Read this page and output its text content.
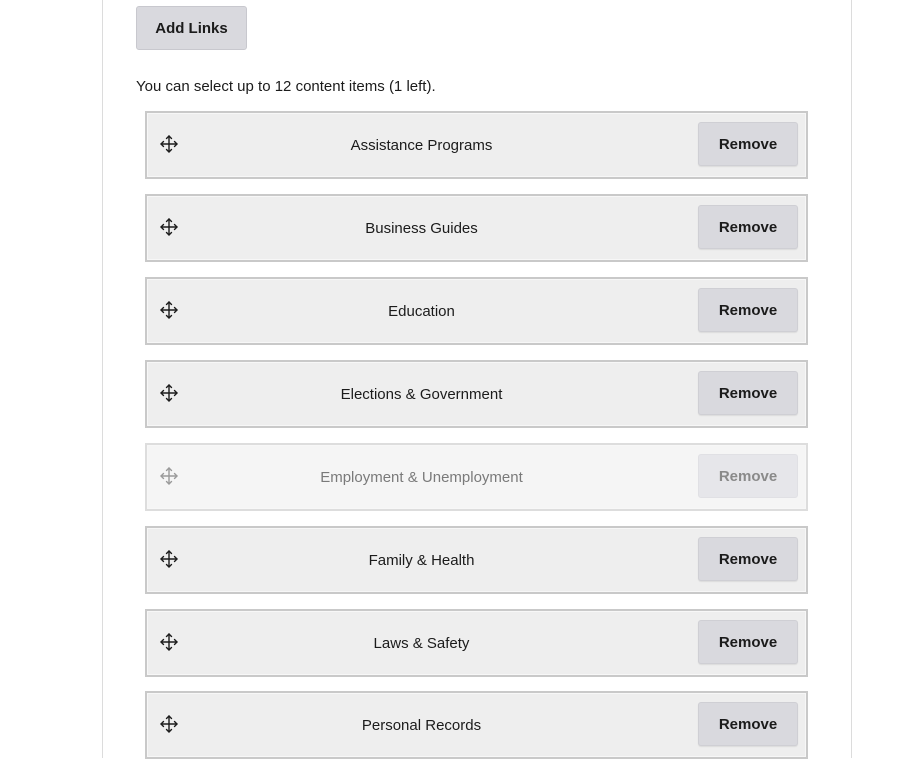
Add Links
You can select up to 12 content items (1 left).
Assistance Programs	Remove
Business Guides	Remove
Education	Remove
Elections & Government	Remove
Employment & Unemployment	Remove
Family & Health	Remove
Laws & Safety	Remove
Personal Records	Remove
